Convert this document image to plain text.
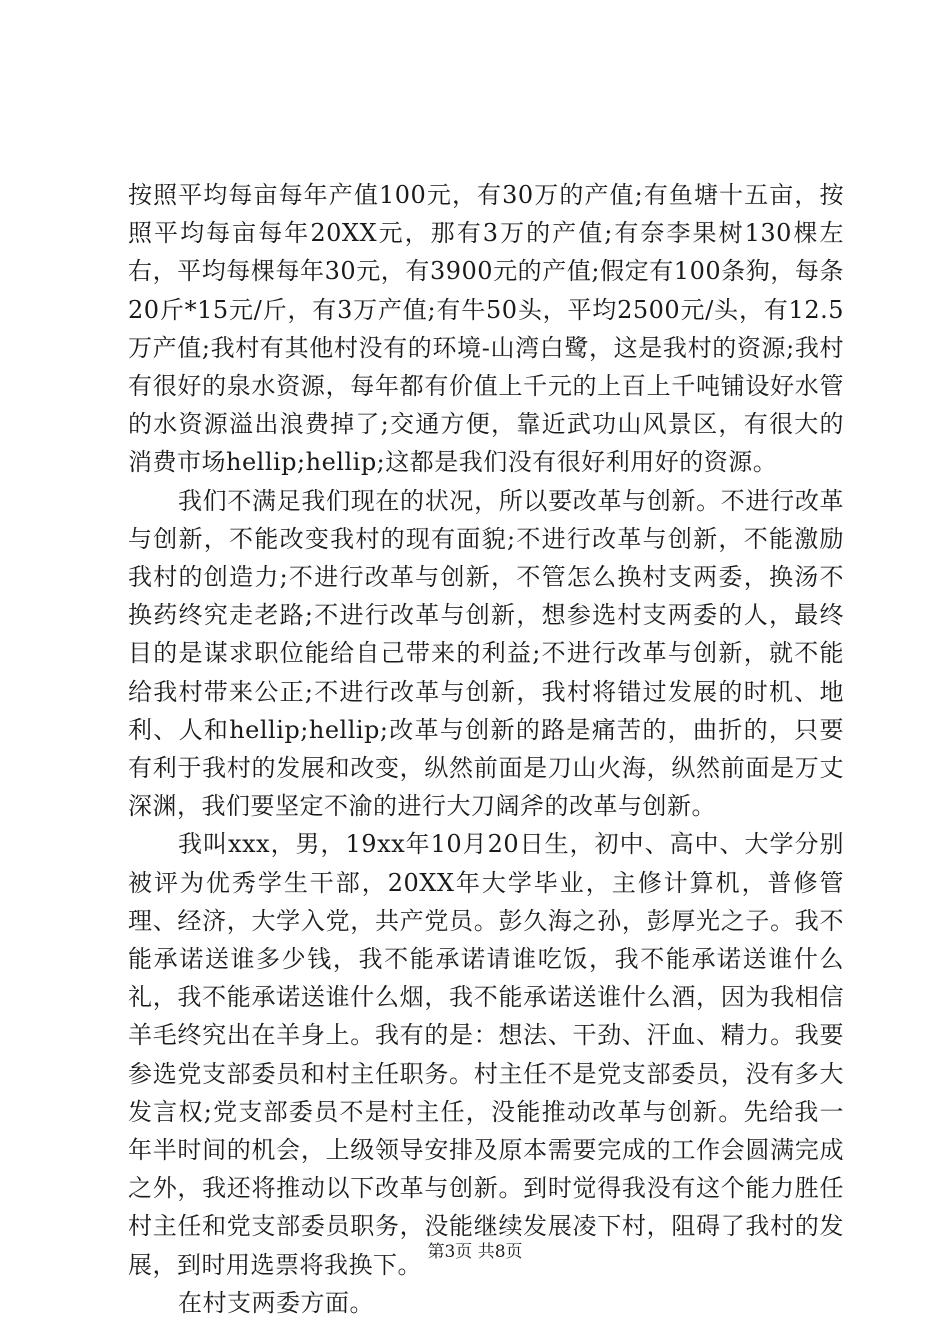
按照平均每亩每年产值100元，有30万的产值;有鱼塘十五亩，按照平均每亩每年20XX元，那有3万的产值;有奈李果树130棵左右，平均每棵每年30元，有3900元的产值;假定有100条狗，每条20斤*15元/斤，有3万产值;有牛50头，平均2500元/头，有12.5万产值;我村有其他村没有的环境-山湾白鹭，这是我村的资源;我村有很好的泉水资源，每年都有价值上千元的上百上千吨铺设好水管的水资源溢出浪费掉了;交通方便，靠近武功山风景区，有很大的消费市场hellip;hellip;这都是我们没有很好利用好的资源。

我们不满足我们现在的状况，所以要改革与创新。不进行改革与创新，不能改变我村的现有面貌;不进行改革与创新，不能激励我村的创造力;不进行改革与创新，不管怎么换村支两委，换汤不换药终究走老路;不进行改革与创新，想参选村支两委的人，最终目的是谋求职位能给自己带来的利益;不进行改革与创新，就不能给我村带来公正;不进行改革与创新，我村将错过发展的时机、地利、人和hellip;hellip;改革与创新的路是痛苦的，曲折的，只要有利于我村的发展和改变，纵然前面是刀山火海，纵然前面是万丈深渊，我们要坚定不渝的进行大刀阔斧的改革与创新。

我叫xxx，男，19xx年10月20日生，初中、高中、大学分别被评为优秀学生干部，20XX年大学毕业，主修计算机，普修管理、经济，大学入党，共产党员。彭久海之孙，彭厚光之子。我不能承诺送谁多少钱，我不能承诺请谁吃饭，我不能承诺送谁什么礼，我不能承诺送谁什么烟，我不能承诺送谁什么酒，因为我相信羊毛终究出在羊身上。我有的是：想法、干劲、汗血、精力。我要参选党支部委员和村主任职务。村主任不是党支部委员，没有多大发言权;党支部委员不是村主任，没能推动改革与创新。先给我一年半时间的机会，上级领导安排及原本需要完成的工作会圆满完成之外，我还将推动以下改革与创新。到时觉得我没有这个能力胜任村主任和党支部委员职务，没能继续发展凌下村，阻碍了我村的发展，到时用选票将我换下。

在村支两委方面。

第3页 共8页
